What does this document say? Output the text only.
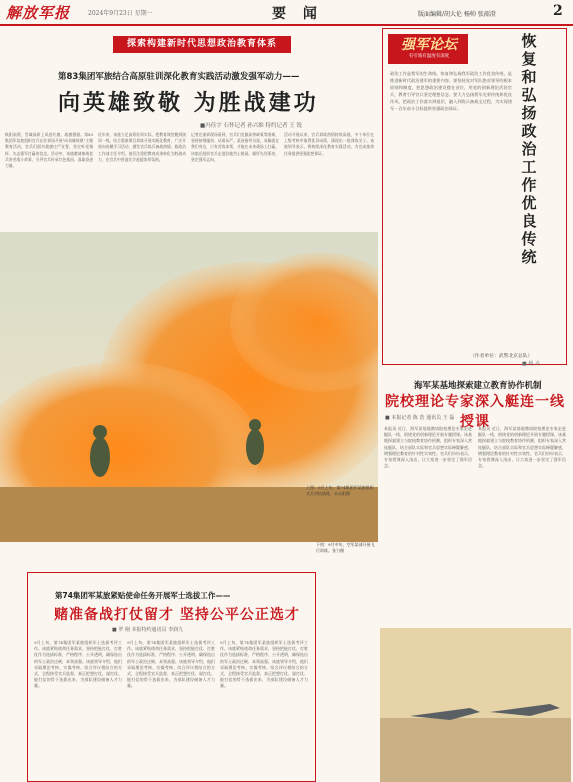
解放军报	2024年9月23日 星期一	要 闻	版面编辑/胡大伦 杨帅 张韶澄	2
探索构建新时代思想政治教育体系
第83集团军旅结合高原驻训深化教育实践活动激发强军动力——
向英雄致敬 为胜战建功
■冯佳宇 石怀记者 孙兴维 特约记者 王 锐
秋阳高照，雪域高原上风卷红旗，战旗猎猎。第83集团军某旅组织官兵在驻训场开展"向英雄致敬"主题教育活动，官兵们面对战旗庄严宣誓，坚定听党指挥、矢志强军打赢的信念。活动中，该旅邀请参战老兵讲述战斗故事，引导官兵传承红色基因，汲取奋进力量。
近年来，该旅立足高原驻训实际，把教育课堂搬到演训一线，结合重难课目训练开展实践化教育，广泛开展向英模学习活动，激发官兵练兵备战热情。旅政治工作部主任介绍，他们注重把教育成果转化为胜战动力，在官兵中营造比学赶超浓厚氛围。
记者在演训现场看到，官兵们克服高寒缺氧等困难，坚持按纲施训、从难从严。某连指导员说，英雄就在我们身边，只有苦练本领，才能在未来战场上打赢。该旅还组织官兵走进驻地烈士陵园，缅怀先烈事迹，坚定强军志向。
活动开展以来，官兵训练热情持续高涨，多个单位在上级考核中取得优异成绩，涌现出一批训练尖子。该旅领导表示，将持续深化教育实践活动，为完成使命任务提供坚强思想保证。
强军论坛
有引领有温度有深度
政治工作是我军的生命线。恢复和弘扬我军政治工作优良传统，是推进新时代政治建军的重要内容。要坚持党对军队绝对领导的根本原则和制度，把思想政治建设摆在首位，用党的创新理论武装官兵，教育引导官兵坚定理想信念。要大力弘扬我军光荣传统和优良作风，把政治工作落实到基层，融入到练兵备战全过程，为实现建军一百年奋斗目标提供坚强政治保证。
恢复和弘扬政治工作优良传统
■ 杨 卉
（作者单位：武警北京总队）
上图：9月上旬，第74集团军某旅组织实兵对抗演练。宋永阳摄
下图：9月中旬，空军某部开展飞行训练。张力摄
海军某基地探索建立教育协作机制
院校理论专家深入艇连一线授课
■ 本报记者 陈 浩 通讯员 王 磊
本报讯 近日，海军某基地邀请院校理论专家走进艇队一线，围绕党的创新理论开展专题授课。该基地探索建立与院校教育协作机制，组织专家深入营连艇队，结合部队实际和官兵思想实际释疑解惑，增强理论教育的针对性实效性。官兵们纷纷表示，专家授课深入浅出，让大家进一步坚定了强军信念。
本报讯 近日，海军某基地邀请院校理论专家走进艇队一线，围绕党的创新理论开展专题授课。该基地探索建立与院校教育协作机制，组织专家深入营连艇队，结合部队实际和官兵思想实际释疑解惑，增强理论教育的针对性实效性。官兵们纷纷表示，专家授课深入浅出，让大家进一步坚定了强军信念。
第74集团军某旅紧贴使命任务开展军士选拔工作——
赌准备战打仗留才 坚持公平公正选才
■ 罗 刚 本报特约通讯员 李润九
9月上旬，第74集团军某旅组织军士选拔考评工作。该旅紧贴使命任务需求，坚持把能打仗、打胜仗作为选拔标准，严格程序、公开透明，确保选出的军士政治过硬、本领高强。该旅领导介绍，他们采取理论考核、实操考核、综合评议相结合的方式，全程接受官兵监督，真正把想打仗、谋打仗、能打仗的骨干选拔出来，为部队建设储备人才力量。
9月上旬，第74集团军某旅组织军士选拔考评工作。该旅紧贴使命任务需求，坚持把能打仗、打胜仗作为选拔标准，严格程序、公开透明，确保选出的军士政治过硬、本领高强。该旅领导介绍，他们采取理论考核、实操考核、综合评议相结合的方式，全程接受官兵监督，真正把想打仗、谋打仗、能打仗的骨干选拔出来，为部队建设储备人才力量。
9月上旬，第74集团军某旅组织军士选拔考评工作。该旅紧贴使命任务需求，坚持把能打仗、打胜仗作为选拔标准，严格程序、公开透明，确保选出的军士政治过硬、本领高强。该旅领导介绍，他们采取理论考核、实操考核、综合评议相结合的方式，全程接受官兵监督，真正把想打仗、谋打仗、能打仗的骨干选拔出来，为部队建设储备人才力量。
